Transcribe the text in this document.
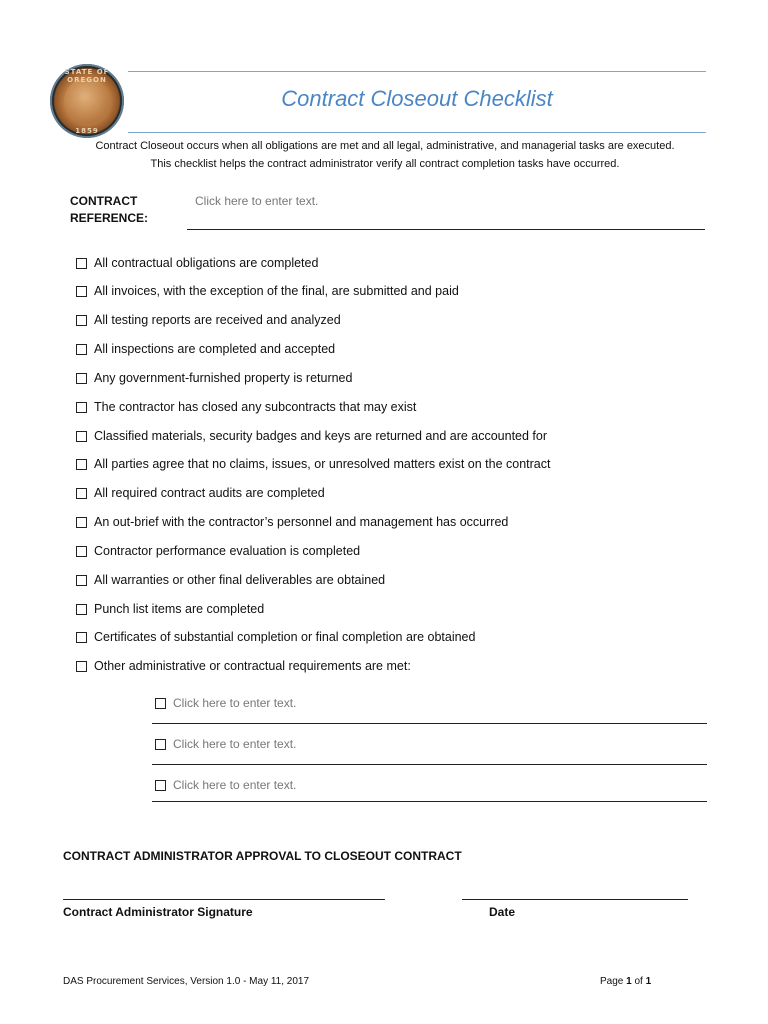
STATE OF OREGON
1859
Contract Closeout Checklist
Contract Closeout occurs when all obligations are met and all legal, administrative, and managerial tasks are executed.
This checklist helps the contract administrator verify all contract completion tasks have occurred.
CONTRACT
REFERENCE:
Click here to enter text.
All contractual obligations are completed
All invoices, with the exception of the final, are submitted and paid
All testing reports are received and analyzed
All inspections are completed and accepted
Any government-furnished property is returned
The contractor has closed any subcontracts that may exist
Classified materials, security badges and keys are returned and are accounted for
All parties agree that no claims, issues, or unresolved matters exist on the contract
All required contract audits are completed
An out-brief with the contractor’s personnel and management has occurred
Contractor performance evaluation is completed
All warranties or other final deliverables are obtained
Punch list items are completed
Certificates of substantial completion or final completion are obtained
Other administrative or contractual requirements are met:
Click here to enter text.
Click here to enter text.
Click here to enter text.
CONTRACT ADMINISTRATOR APPROVAL TO CLOSEOUT CONTRACT
Contract Administrator Signature	Date
DAS Procurement Services, Version 1.0 - May 11, 2017	Page 1 of 1
